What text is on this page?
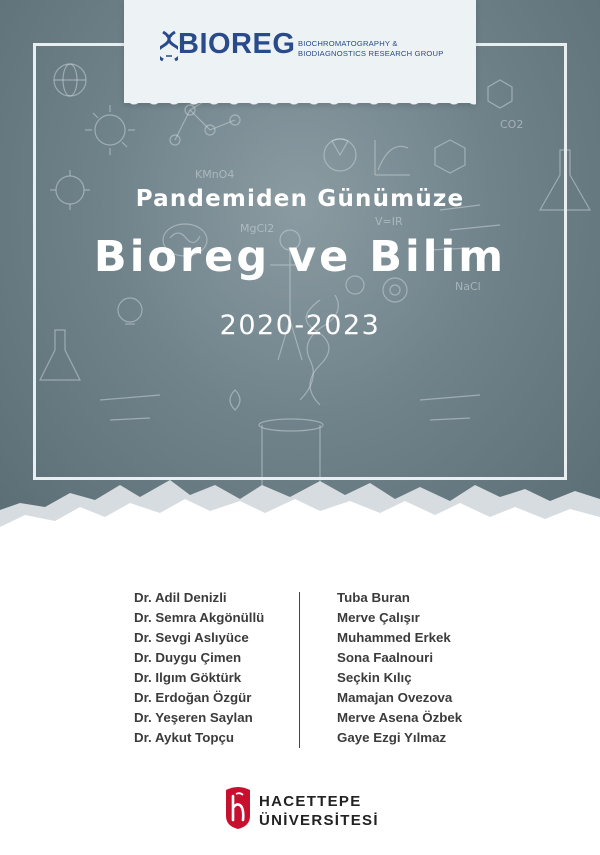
KMnO4
CO2
MgCl2
V=IR
NaCl
BIOREG BIOCHROMATOGRAPHY &
BIODIAGNOSTICS RESEARCH GROUP
Pandemiden Günümüze
Bioreg ve Bilim
2020-2023
Dr. Adil Denizli
Dr. Semra Akgönüllü
Dr. Sevgi Aslıyüce
Dr. Duygu Çimen
Dr. Ilgım Göktürk
Dr. Erdoğan Özgür
Dr. Yeşeren Saylan
Dr. Aykut Topçu
Tuba Buran
Merve Çalışır
Muhammed Erkek
Sona Faalnouri
Seçkin Kılıç
Mamajan Ovezova
Merve Asena Özbek
Gaye Ezgi Yılmaz
HACETTEPE
ÜNİVERSİTESİ
